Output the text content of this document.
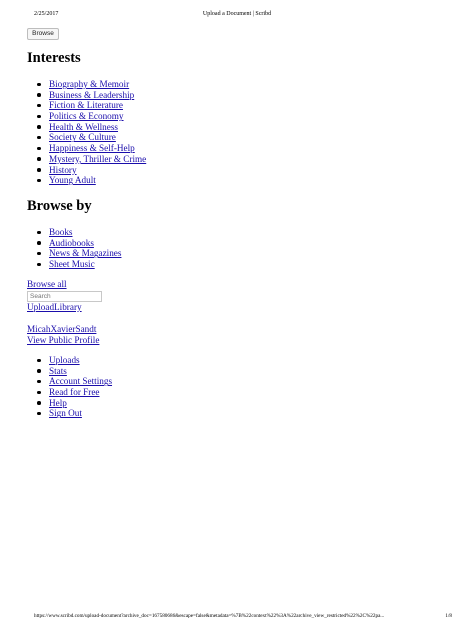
2/25/2017	Upload a Document | Scribd
Browse
Interests
Biography & Memoir
Business & Leadership
Fiction & Literature
Politics & Economy
Health & Wellness
Society & Culture
Happiness & Self-Help
Mystery, Thriller & Crime
History
Young Adult
Browse by
Books
Audiobooks
News & Magazines
Sheet Music
Browse all
Search
UploadLibrary
MicahXavierSandt
View Public Profile
Uploads
Stats
Account Settings
Read for Free
Help
Sign Out
https://www.scribd.com/upload-document?archive_doc=167580686&escape=false&metadata=%7B%22context%22%3A%22archive_view_restricted%22%2C%22pa...	1/8
